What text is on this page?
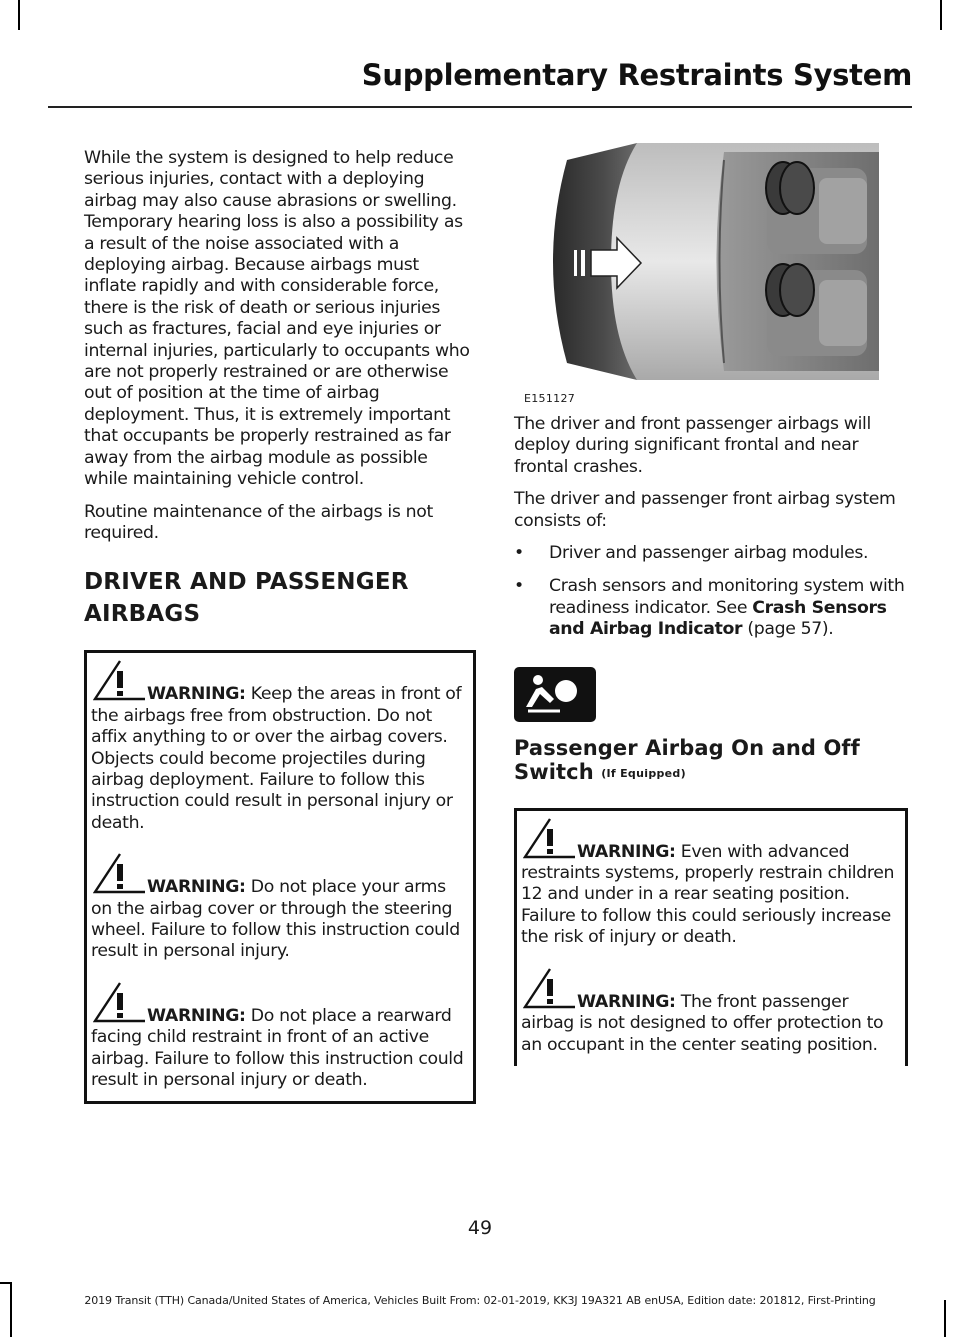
Supplementary Restraints System

While the system is designed to help reduce serious injuries, contact with a deploying airbag may also cause abrasions or swelling. Temporary hearing loss is also a possibility as a result of the noise associated with a deploying airbag. Because airbags must inflate rapidly and with considerable force, there is the risk of death or serious injuries such as fractures, facial and eye injuries or internal injuries, particularly to occupants who are not properly restrained or are otherwise out of position at the time of airbag deployment. Thus, it is extremely important that occupants be properly restrained as far away from the airbag module as possible while maintaining vehicle control.

Routine maintenance of the airbags is not required.

DRIVER AND PASSENGER
AIRBAGS
WARNING: Keep the areas in front of the airbags free from obstruction. Do not affix anything to or over the airbag covers. Objects could become projectiles during airbag deployment. Failure to follow this instruction could result in personal injury or death.
WARNING: Do not place your arms on the airbag cover or through the steering wheel. Failure to follow this instruction could result in personal injury.
WARNING: Do not place a rearward facing child restraint in front of an active airbag. Failure to follow this instruction could result in personal injury or death.
E151127

The driver and front passenger airbags will deploy during significant frontal and near frontal crashes.

The driver and passenger front airbag system consists of:

• Driver and passenger airbag modules.
• Crash sensors and monitoring system with readiness indicator. See Crash Sensors and Airbag Indicator (page 57).
Passenger Airbag On and Off Switch (If Equipped)
WARNING: Even with advanced restraints systems, properly restrain children 12 and under in a rear seating position. Failure to follow this could seriously increase the risk of injury or death.
WARNING: The front passenger airbag is not designed to offer protection to an occupant in the center seating position.
49
2019 Transit (TTH) Canada/United States of America, Vehicles Built From: 02-01-2019, KK3J 19A321 AB enUSA, Edition date: 201812, First-Printing
